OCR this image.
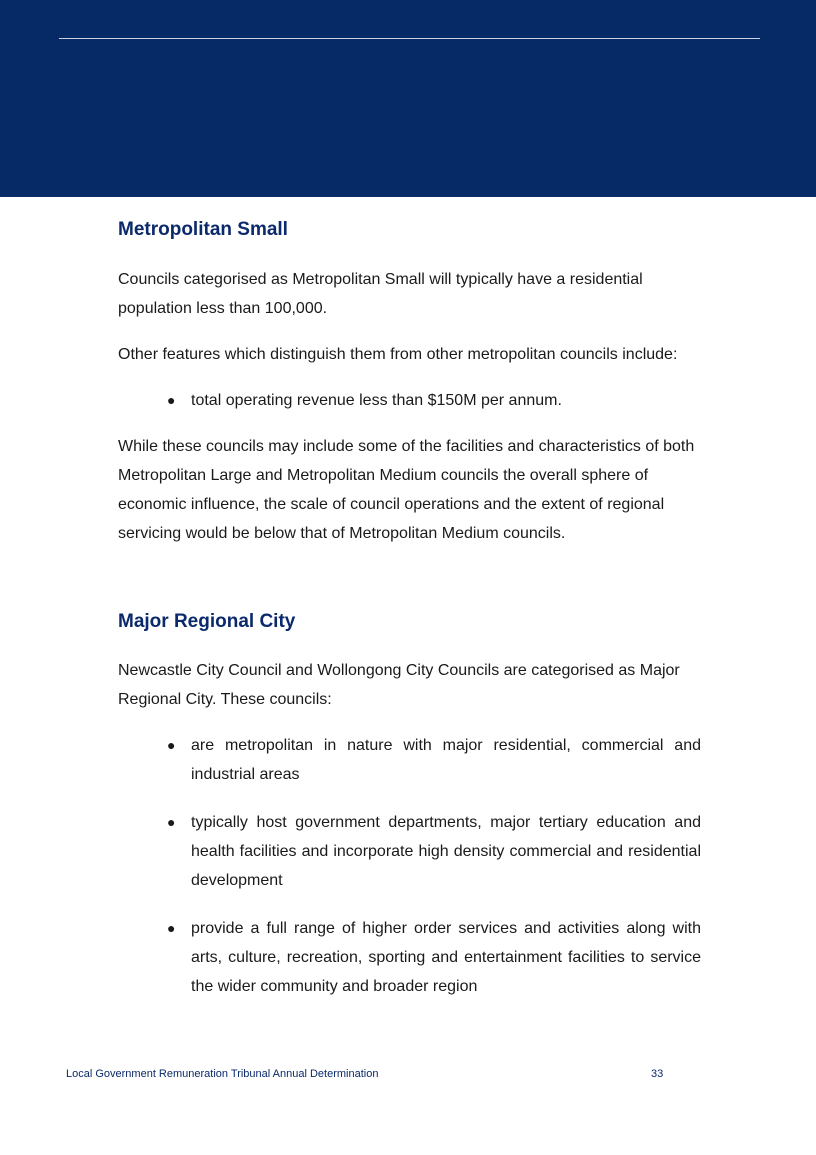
Metropolitan Small

Councils categorised as Metropolitan Small will typically have a residential population less than 100,000.

Other features which distinguish them from other metropolitan councils include:

● total operating revenue less than $150M per annum.

While these councils may include some of the facilities and characteristics of both Metropolitan Large and Metropolitan Medium councils the overall sphere of economic influence, the scale of council operations and the extent of regional servicing would be below that of Metropolitan Medium councils.

Major Regional City

Newcastle City Council and Wollongong City Councils are categorised as Major Regional City. These councils:

● are metropolitan in nature with major residential, commercial and industrial areas
● typically host government departments, major tertiary education and health facilities and incorporate high density commercial and residential development
● provide a full range of higher order services and activities along with arts, culture, recreation, sporting and entertainment facilities to service the wider community and broader region
Local Government Remuneration Tribunal Annual Determination	33
